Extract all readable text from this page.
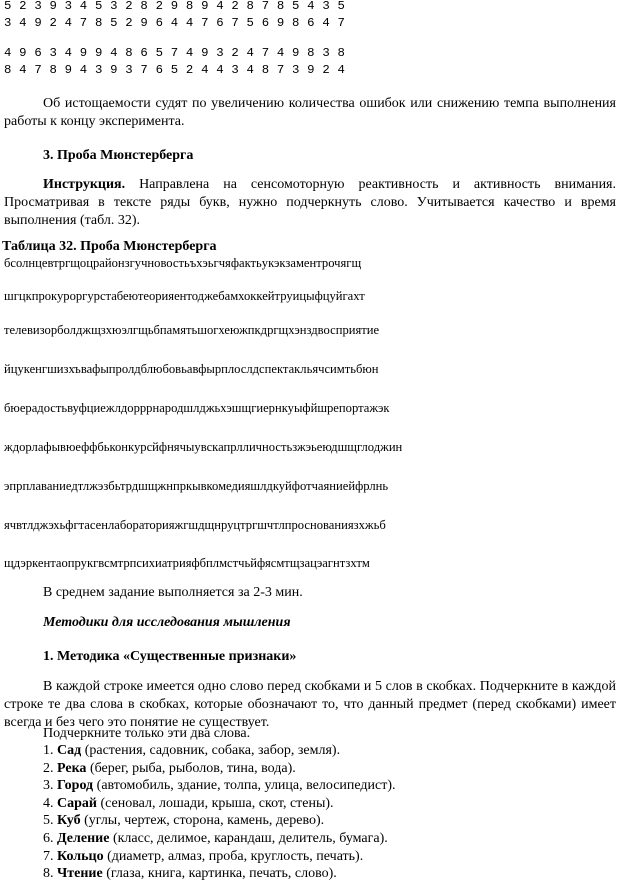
5 2 3 9 3 4 5 3 2 8 2 9 8 9 4 2 8 7 8 5 4 3 5
3 4 9 2 4 7 8 5 2 9 6 4 4 7 6 7 5 6 9 8 6 4 7
4 9 6 3 4 9 9 4 8 6 5 7 4 9 3 2 4 7 4 9 8 3 8
8 4 7 8 9 4 3 9 3 7 6 5 2 4 4 3 4 8 7 3 9 2 4
Об истощаемости судят по увеличению количества ошибок или снижению темпа выполнения работы к концу эксперимента.
3. Проба Мюнстерберга
Инструкция. Направлена на сенсомоторную реактивность и активность внимания. Просматривая в тексте ряды букв, нужно подчеркнуть слово. Учитывается качество и время выполнения (табл. 32).
Таблица 32. Проба Мюнстерберга
бсолнцевтргщоцрайонзгучновостьъхэьгчяфактьукэкзаментрочягщ
шгцкпрокуроргурстабеютеорияентоджебамхоккейтруицыфцуйгахт
телевизорболджщзхюэлгщьбпамятьшогхеюжпкдргщхэнздвосприятие
йцукенгшизхъвафыпролдблюбовьавфырплослдспектакльячсимтьбюн
бюерадостьвуфциежлдорррнародшлджьхэшщгиернкуыфйшрепортажэк
ждорлафывюеффбьконкурсйфнячыувскапрлличностьзжэьеюдшщглоджин
эпрплаваниедтлжэзбьтрдшщжнпркывкомедияшлдкуйфотчаяниейфрлнь
ячвтлджэхьфгтасенлабораторияжгшдщнруцтргшчтлпроснованиязхжьб
щдэркентаопрукгвсмтрпсихиатрияфбплмстчьйфясмтщзацэагнтзхтм
В среднем задание выполняется за 2-3 мин.
Методики для исследования мышления
1. Методика «Существенные признаки»
В каждой строке имеется одно слово перед скобками и 5 слов в скобках. Подчеркните в каждой строке те два слова в скобках, которые обозначают то, что данный предмет (перед скобками) имеет всегда и без чего это понятие не существует.
Подчеркните только эти два слова.
1. Сад (растения, садовник, собака, забор, земля).
2. Река (берег, рыба, рыболов, тина, вода).
3. Город (автомобиль, здание, толпа, улица, велосипедист).
4. Сарай (сеновал, лошади, крыша, скот, стены).
5. Куб (углы, чертеж, сторона, камень, дерево).
6. Деление (класс, делимое, карандаш, делитель, бумага).
7. Кольцо (диаметр, алмаз, проба, круглость, печать).
8. Чтение (глаза, книга, картинка, печать, слово).
